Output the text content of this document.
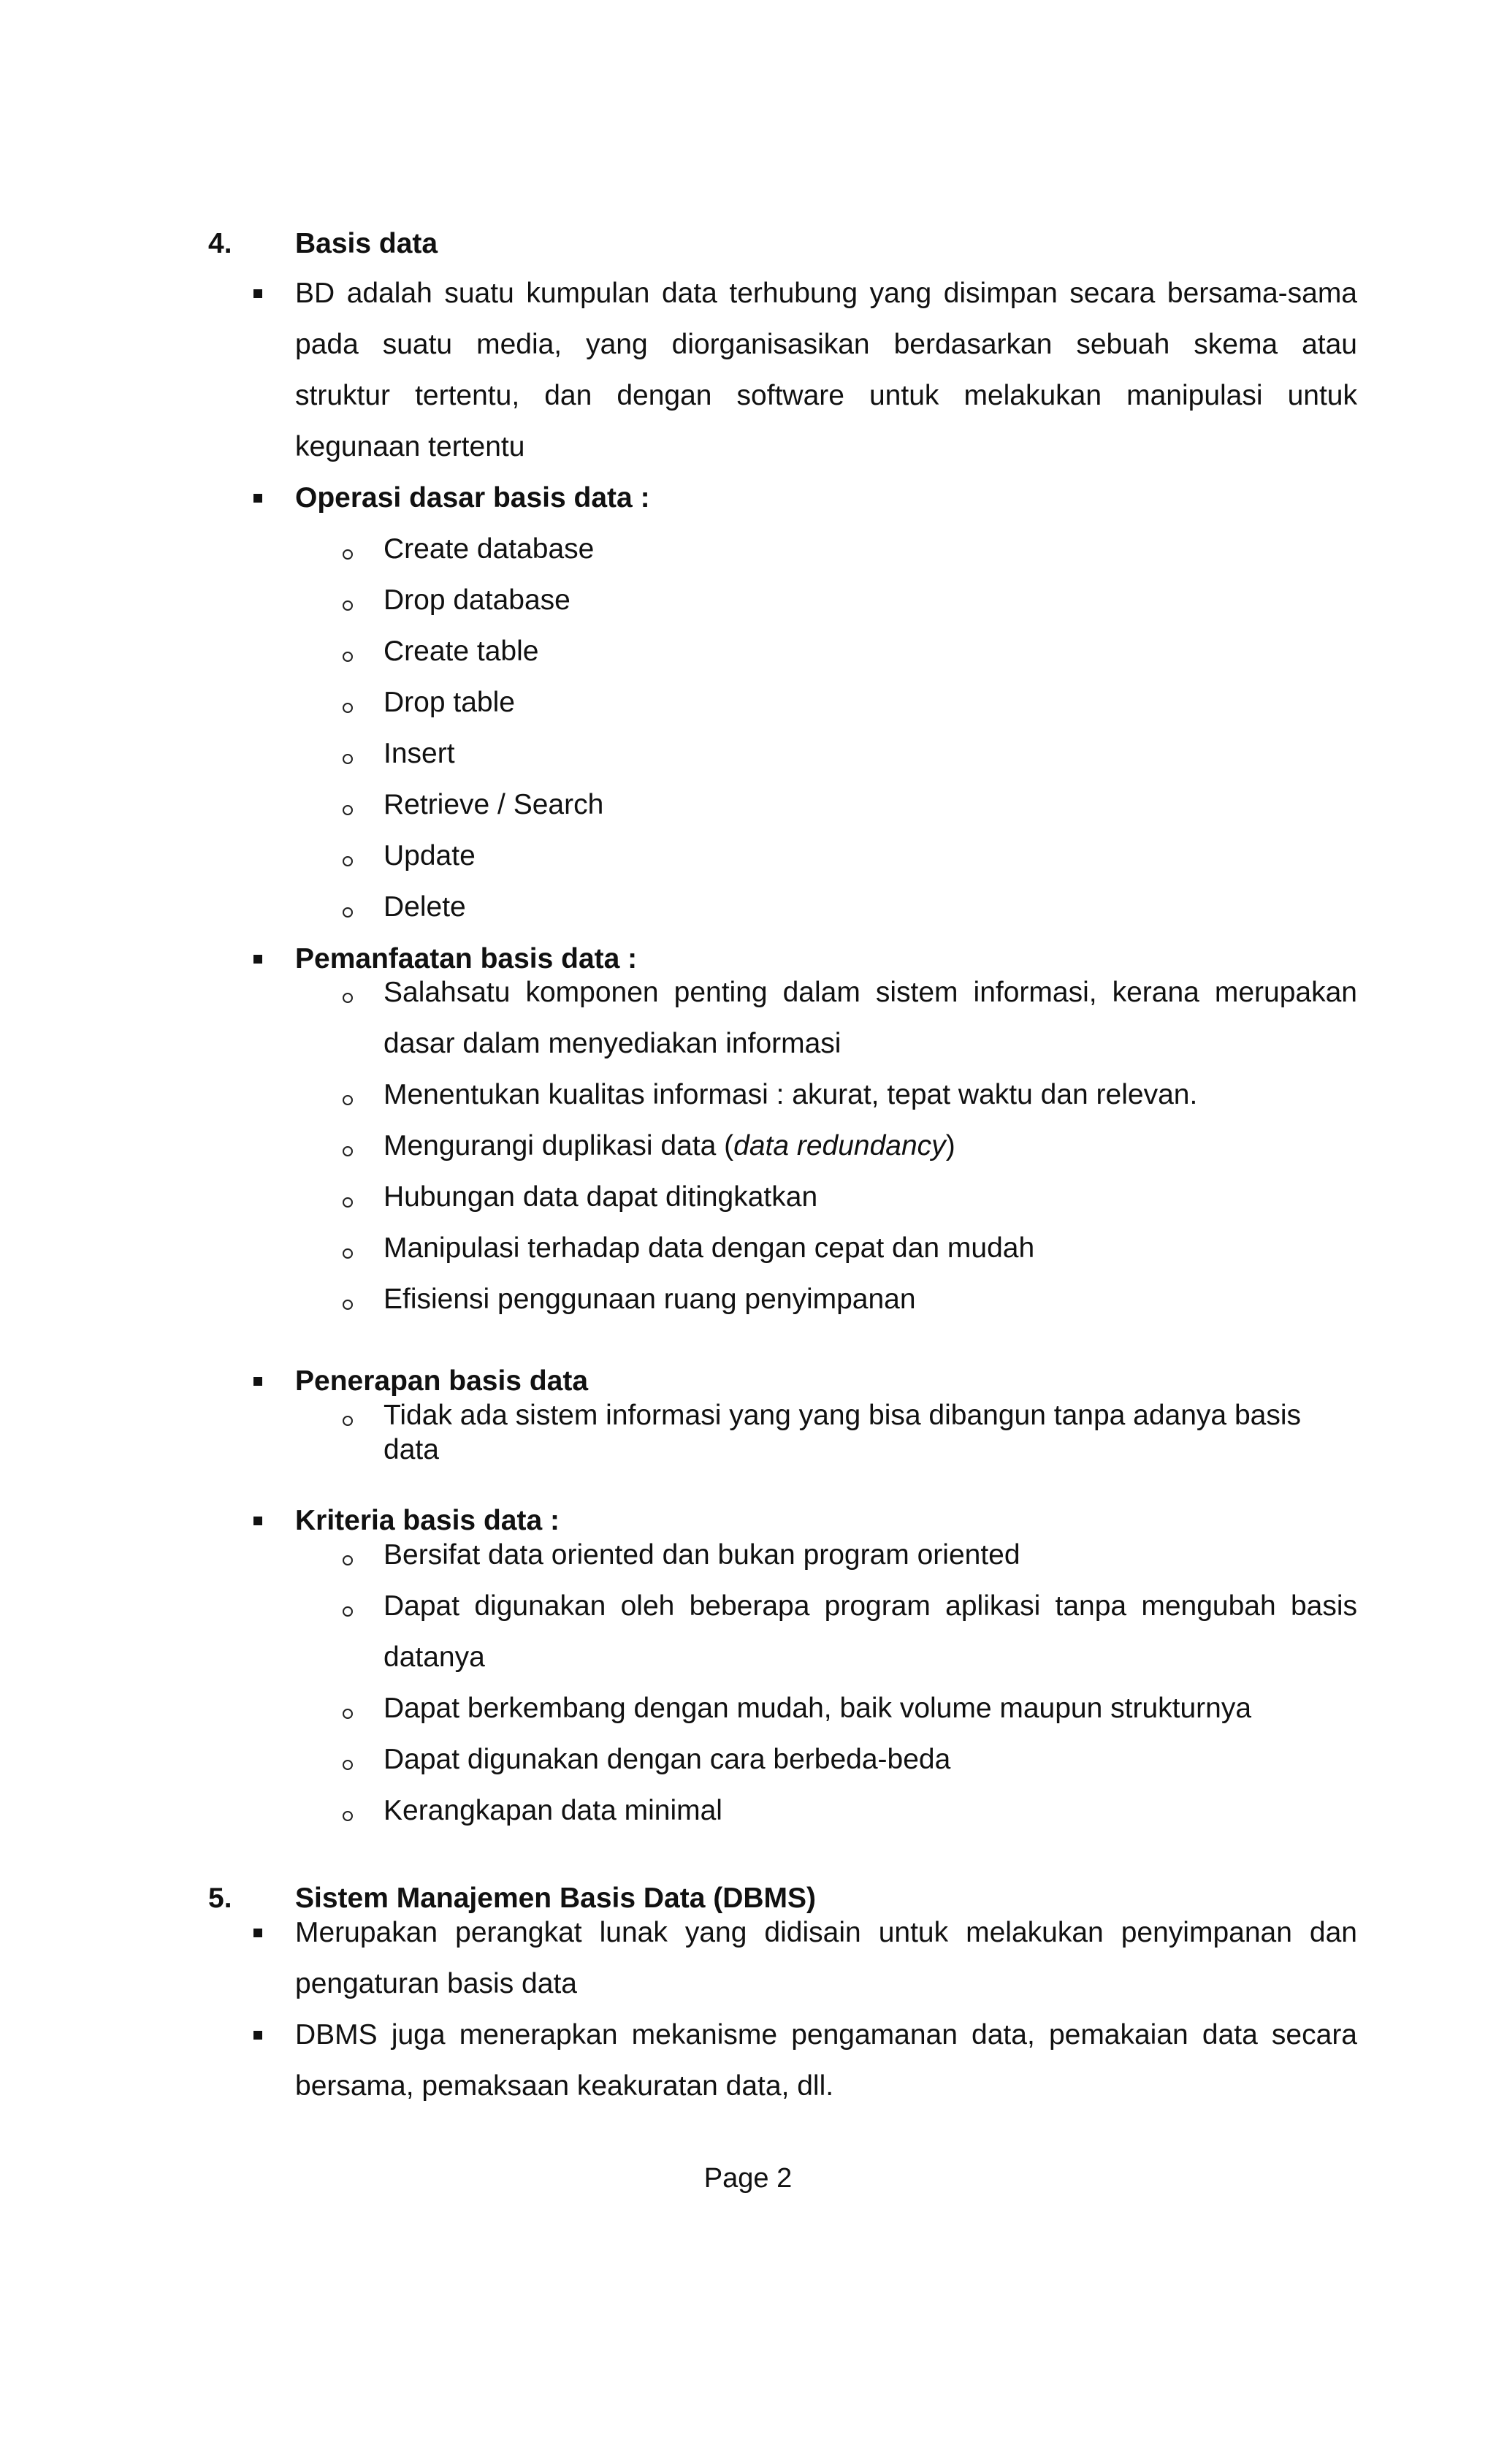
4. Basis data
BD adalah suatu kumpulan data terhubung yang disimpan secara bersama-sama
pada suatu media, yang diorganisasikan berdasarkan sebuah skema atau
struktur tertentu, dan dengan software untuk melakukan manipulasi untuk
kegunaan tertentu
Operasi dasar basis data :
Create database
Drop database
Create table
Drop table
Insert
Retrieve / Search
Update
Delete
Pemanfaatan basis data :
Salahsatu komponen penting dalam sistem informasi, kerana merupakan
dasar dalam menyediakan informasi
Menentukan kualitas informasi : akurat, tepat waktu dan relevan.
Mengurangi duplikasi data (data redundancy)
Hubungan data dapat ditingkatkan
Manipulasi terhadap data dengan cepat dan mudah
Efisiensi penggunaan ruang penyimpanan
Penerapan basis data
Tidak ada sistem informasi yang yang bisa dibangun tanpa adanya basis
data
Kriteria basis data :
Bersifat data oriented dan bukan program oriented
Dapat digunakan oleh beberapa program aplikasi tanpa mengubah basis
datanya
Dapat berkembang dengan mudah, baik volume maupun strukturnya
Dapat digunakan dengan cara berbeda-beda
Kerangkapan data minimal
5. Sistem Manajemen Basis Data (DBMS)
Merupakan perangkat lunak yang didisain untuk melakukan penyimpanan dan
pengaturan basis data
DBMS juga menerapkan mekanisme pengamanan data, pemakaian data secara
bersama, pemaksaan keakuratan data, dll.
Page 2
